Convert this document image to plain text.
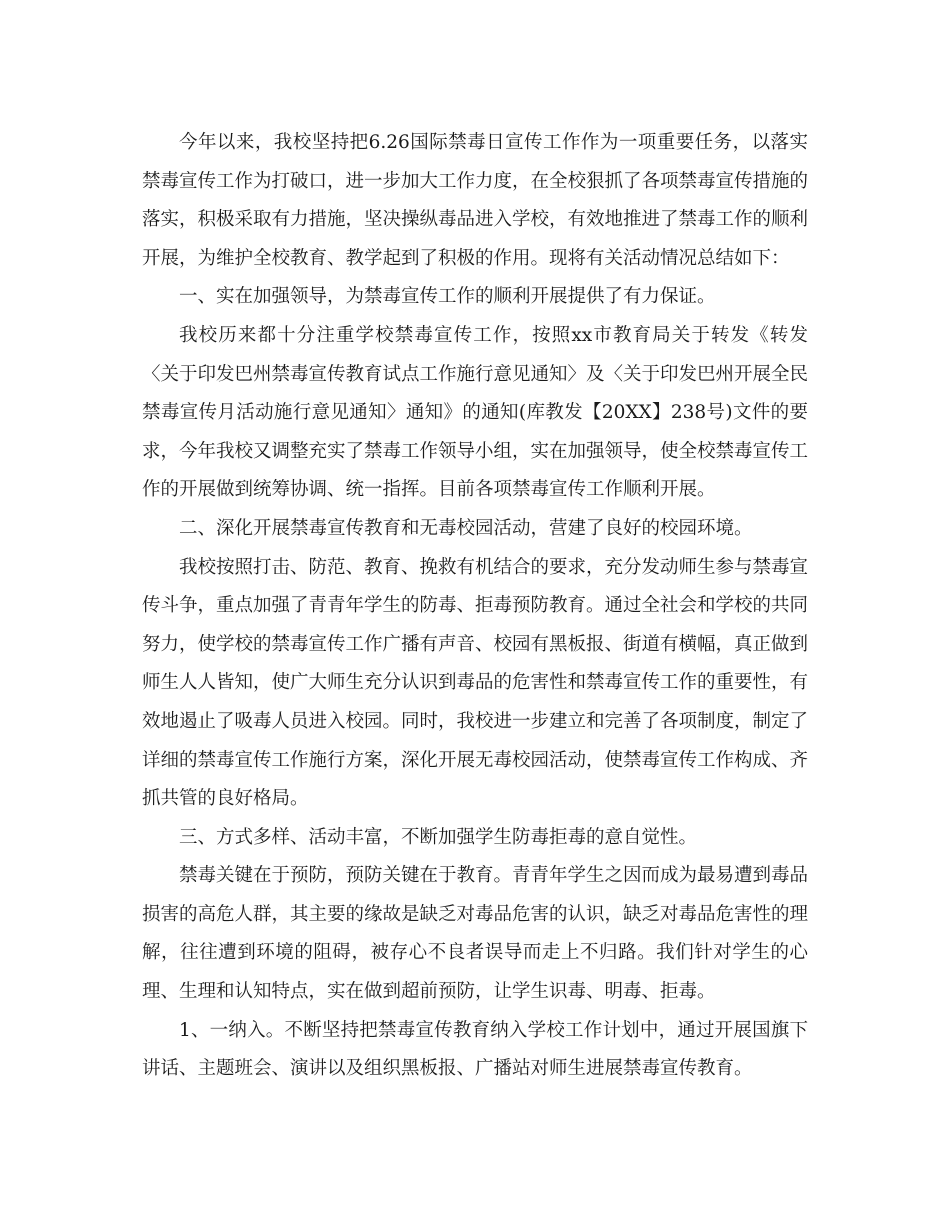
今年以来，我校坚持把6.26国际禁毒日宣传工作作为一项重要任务，以落实禁毒宣传工作为打破口，进一步加大工作力度，在全校狠抓了各项禁毒宣传措施的落实，积极采取有力措施，坚决操纵毒品进入学校，有效地推进了禁毒工作的顺利开展，为维护全校教育、教学起到了积极的作用。现将有关活动情况总结如下：

一、实在加强领导，为禁毒宣传工作的顺利开展提供了有力保证。

我校历来都十分注重学校禁毒宣传工作，按照xx市教育局关于转发《转发〈关于印发巴州禁毒宣传教育试点工作施行意见通知〉及〈关于印发巴州开展全民禁毒宣传月活动施行意见通知〉通知》的通知(库教发【20XX】238号)文件的要求，今年我校又调整充实了禁毒工作领导小组，实在加强领导，使全校禁毒宣传工作的开展做到统筹协调、统一指挥。目前各项禁毒宣传工作顺利开展。

二、深化开展禁毒宣传教育和无毒校园活动，营建了良好的校园环境。

我校按照打击、防范、教育、挽救有机结合的要求，充分发动师生参与禁毒宣传斗争，重点加强了青青年学生的防毒、拒毒预防教育。通过全社会和学校的共同努力，使学校的禁毒宣传工作广播有声音、校园有黑板报、街道有横幅，真正做到师生人人皆知，使广大师生充分认识到毒品的危害性和禁毒宣传工作的重要性，有效地遏止了吸毒人员进入校园。同时，我校进一步建立和完善了各项制度，制定了详细的禁毒宣传工作施行方案，深化开展无毒校园活动，使禁毒宣传工作构成、齐抓共管的良好格局。

三、方式多样、活动丰富，不断加强学生防毒拒毒的意自觉性。

禁毒关键在于预防，预防关键在于教育。青青年学生之因而成为最易遭到毒品损害的高危人群，其主要的缘故是缺乏对毒品危害的认识，缺乏对毒品危害性的理解，往往遭到环境的阻碍，被存心不良者误导而走上不归路。我们针对学生的心理、生理和认知特点，实在做到超前预防，让学生识毒、明毒、拒毒。

1、一纳入。不断坚持把禁毒宣传教育纳入学校工作计划中，通过开展国旗下讲话、主题班会、演讲以及组织黑板报、广播站对师生进展禁毒宣传教育。
